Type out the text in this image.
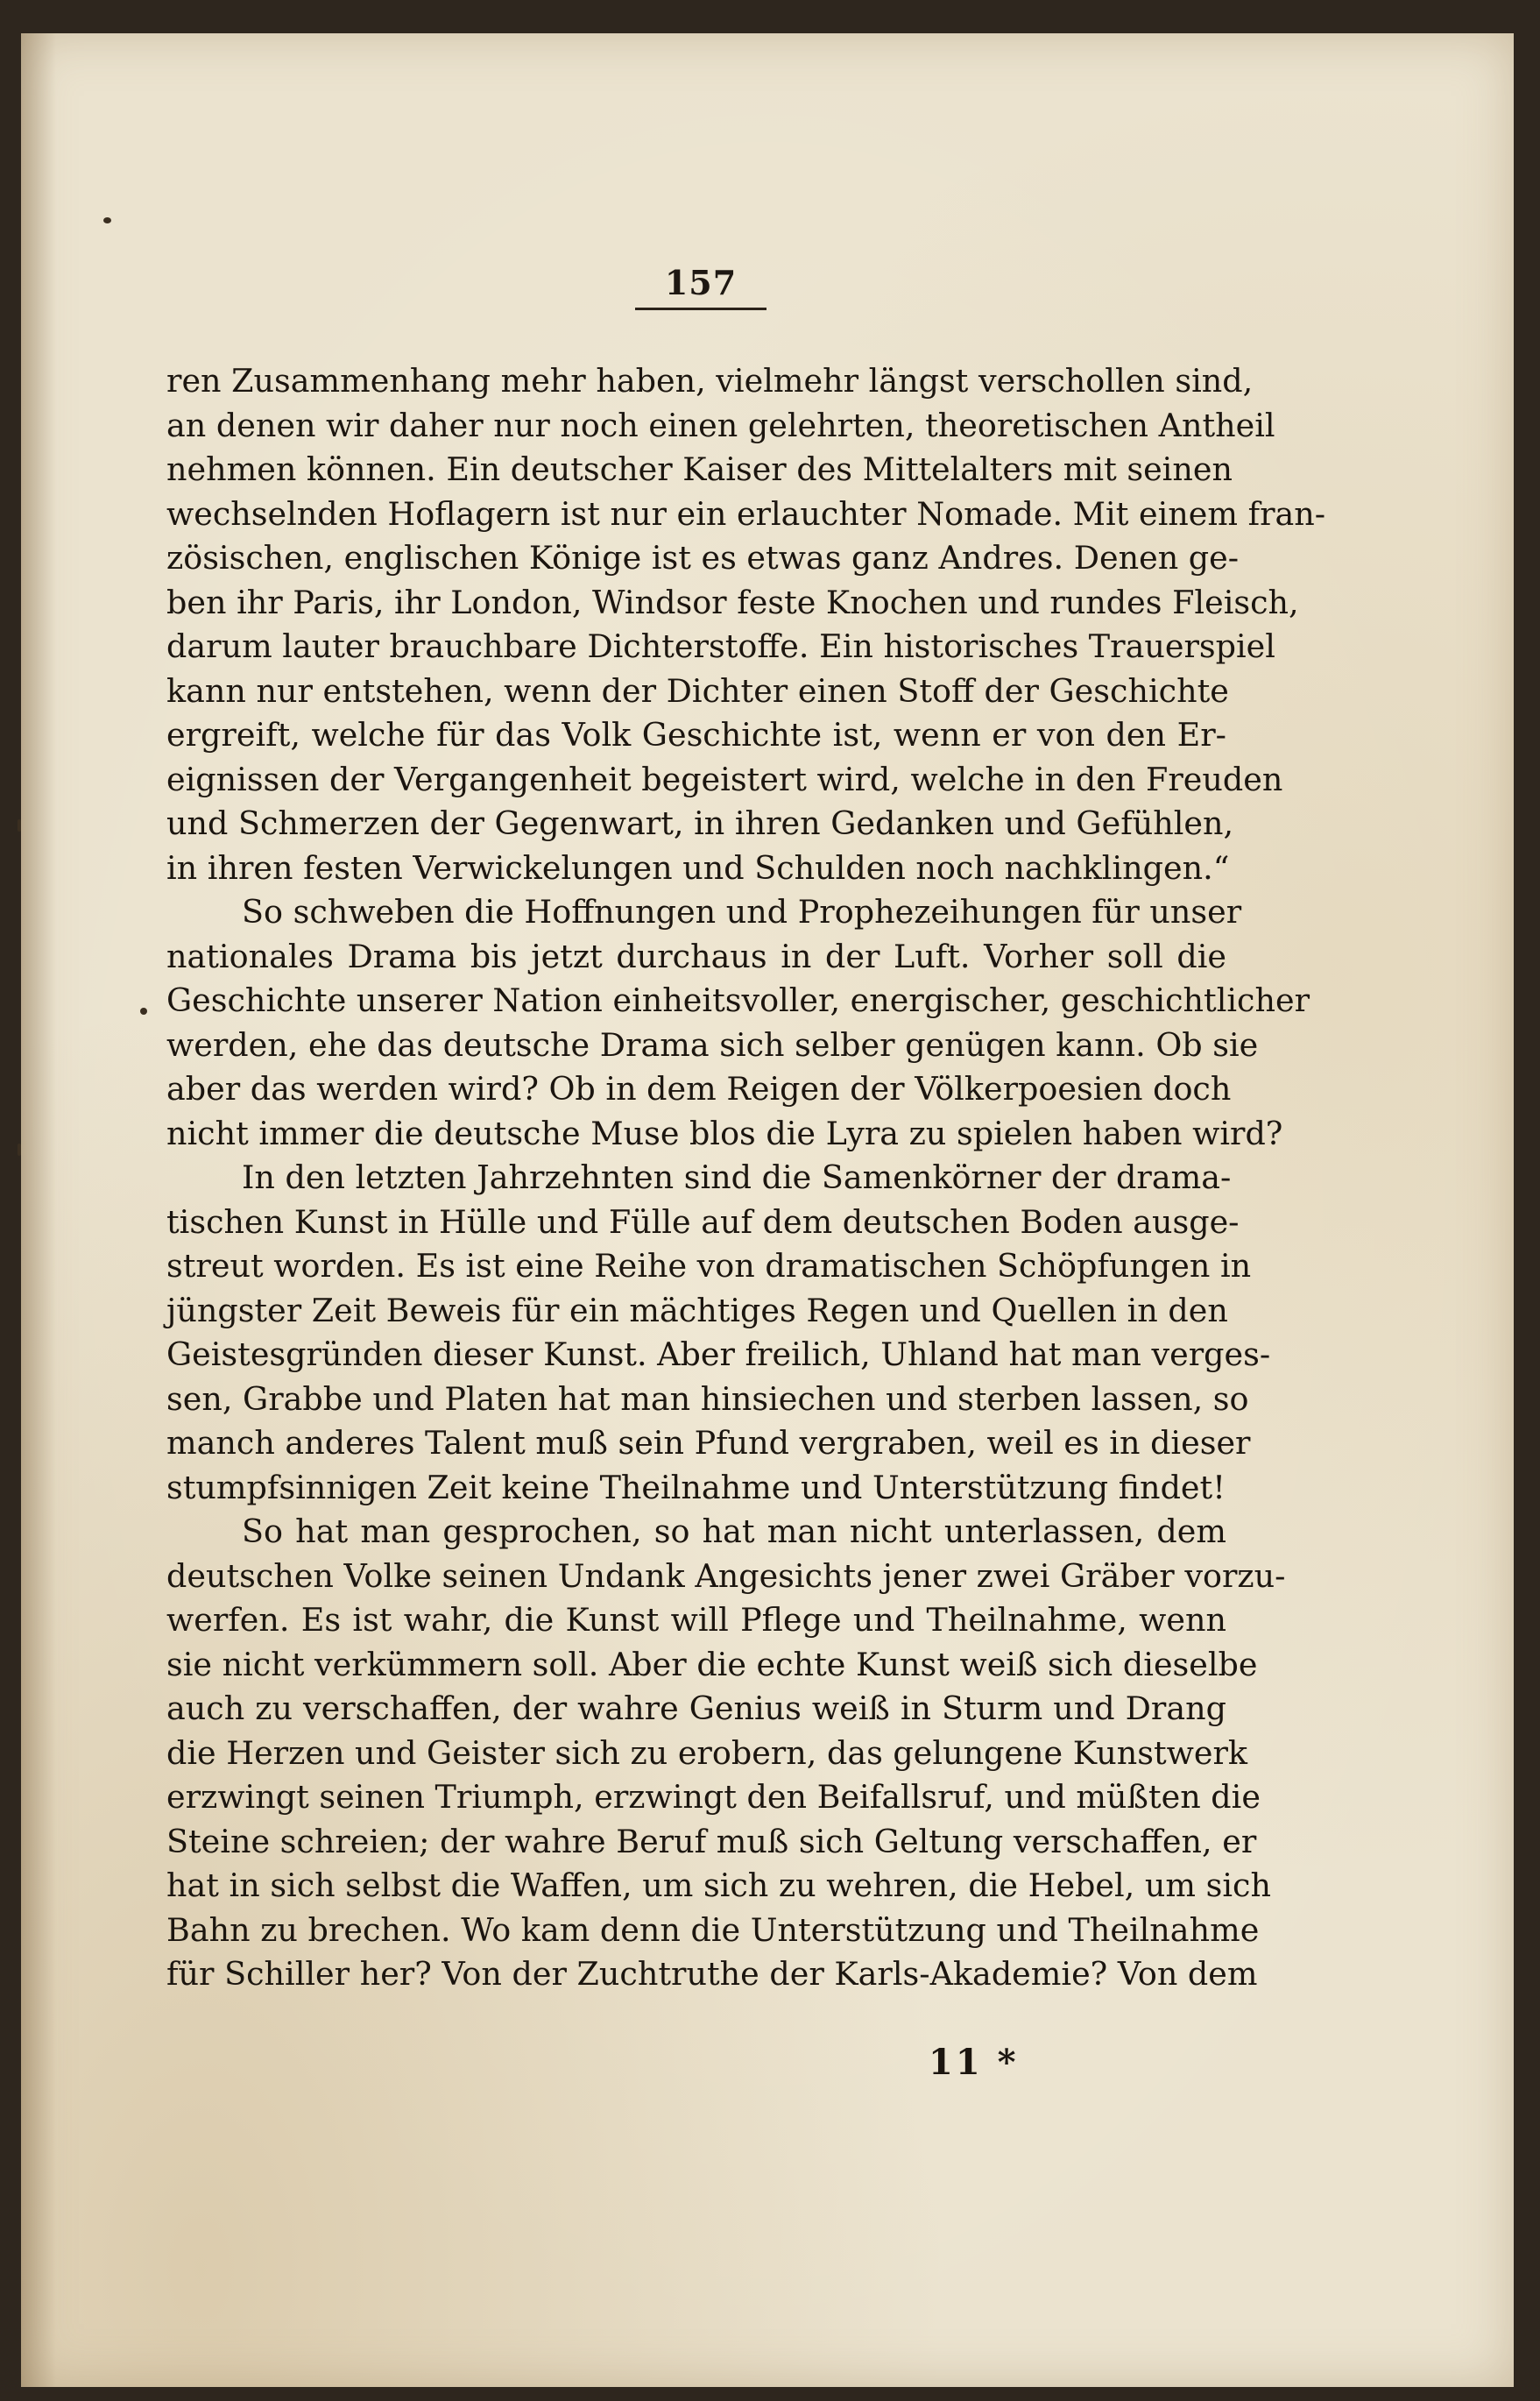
157
ren Zusammenhang mehr haben, vielmehr längst verschollen sind,
an denen wir daher nur noch einen gelehrten, theoretischen Antheil
nehmen können. Ein deutscher Kaiser des Mittelalters mit seinen
wechselnden Hoflagern ist nur ein erlauchter Nomade. Mit einem fran-
zösischen, englischen Könige ist es etwas ganz Andres. Denen ge-
ben ihr Paris, ihr London, Windsor feste Knochen und rundes Fleisch,
darum lauter brauchbare Dichterstoffe. Ein historisches Trauerspiel
kann nur entstehen, wenn der Dichter einen Stoff der Geschichte
ergreift, welche für das Volk Geschichte ist, wenn er von den Er-
eignissen der Vergangenheit begeistert wird, welche in den Freuden
und Schmerzen der Gegenwart, in ihren Gedanken und Gefühlen,
in ihren festen Verwickelungen und Schulden noch nachklingen.“
So schweben die Hoffnungen und Prophezeihungen für unser
nationales Drama bis jetzt durchaus in der Luft. Vorher soll die
Geschichte unserer Nation einheitsvoller, energischer, geschichtlicher
werden, ehe das deutsche Drama sich selber genügen kann. Ob sie
aber das werden wird? Ob in dem Reigen der Völkerpoesien doch
nicht immer die deutsche Muse blos die Lyra zu spielen haben wird?
In den letzten Jahrzehnten sind die Samenkörner der drama-
tischen Kunst in Hülle und Fülle auf dem deutschen Boden ausge-
streut worden. Es ist eine Reihe von dramatischen Schöpfungen in
jüngster Zeit Beweis für ein mächtiges Regen und Quellen in den
Geistesgründen dieser Kunst. Aber freilich, Uhland hat man verges-
sen, Grabbe und Platen hat man hinsiechen und sterben lassen, so
manch anderes Talent muß sein Pfund vergraben, weil es in dieser
stumpfsinnigen Zeit keine Theilnahme und Unterstützung findet!
So hat man gesprochen, so hat man nicht unterlassen, dem
deutschen Volke seinen Undank Angesichts jener zwei Gräber vorzu-
werfen. Es ist wahr, die Kunst will Pflege und Theilnahme, wenn
sie nicht verkümmern soll. Aber die echte Kunst weiß sich dieselbe
auch zu verschaffen, der wahre Genius weiß in Sturm und Drang
die Herzen und Geister sich zu erobern, das gelungene Kunstwerk
erzwingt seinen Triumph, erzwingt den Beifallsruf, und müßten die
Steine schreien; der wahre Beruf muß sich Geltung verschaffen, er
hat in sich selbst die Waffen, um sich zu wehren, die Hebel, um sich
Bahn zu brechen. Wo kam denn die Unterstützung und Theilnahme
für Schiller her? Von der Zuchtruthe der Karls-Akademie? Von dem
11 *
